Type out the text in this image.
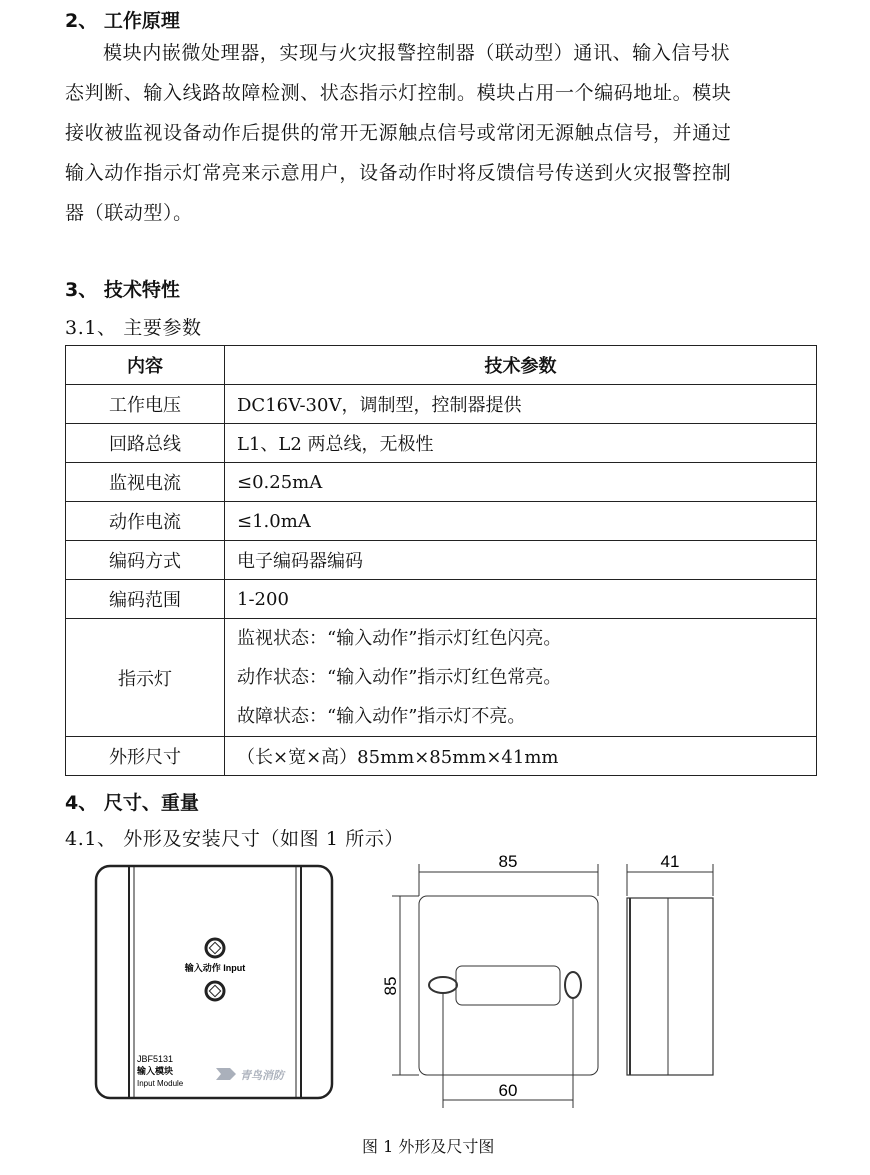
2、 工作原理
模块内嵌微处理器，实现与火灾报警控制器（联动型）通讯、输入信号状
态判断、输入线路故障检测、状态指示灯控制。模块占用一个编码地址。模块
接收被监视设备动作后提供的常开无源触点信号或常闭无源触点信号，并通过
输入动作指示灯常亮来示意用户，设备动作时将反馈信号传送到火灾报警控制
器（联动型）。
3、 技术特性
3.1、 主要参数
内容	技术参数
工作电压	DC16V-30V，调制型，控制器提供
回路总线	L1、L2 两总线，无极性
监视电流	≤0.25mA
动作电流	≤1.0mA
编码方式	电子编码器编码
编码范围	1-200
指示灯	监视状态：“输入动作”指示灯红色闪亮。
动作状态：“输入动作”指示灯红色常亮。
故障状态：“输入动作”指示灯不亮。

外形尺寸	（长×宽×高）85mm×85mm×41mm
4、 尺寸、重量
4.1、 外形及安装尺寸（如图 1 所示）
输入动作 Input
JBF5131
输入模块
Input Module
青鸟消防
85
85
60
41
图 1 外形及尺寸图
